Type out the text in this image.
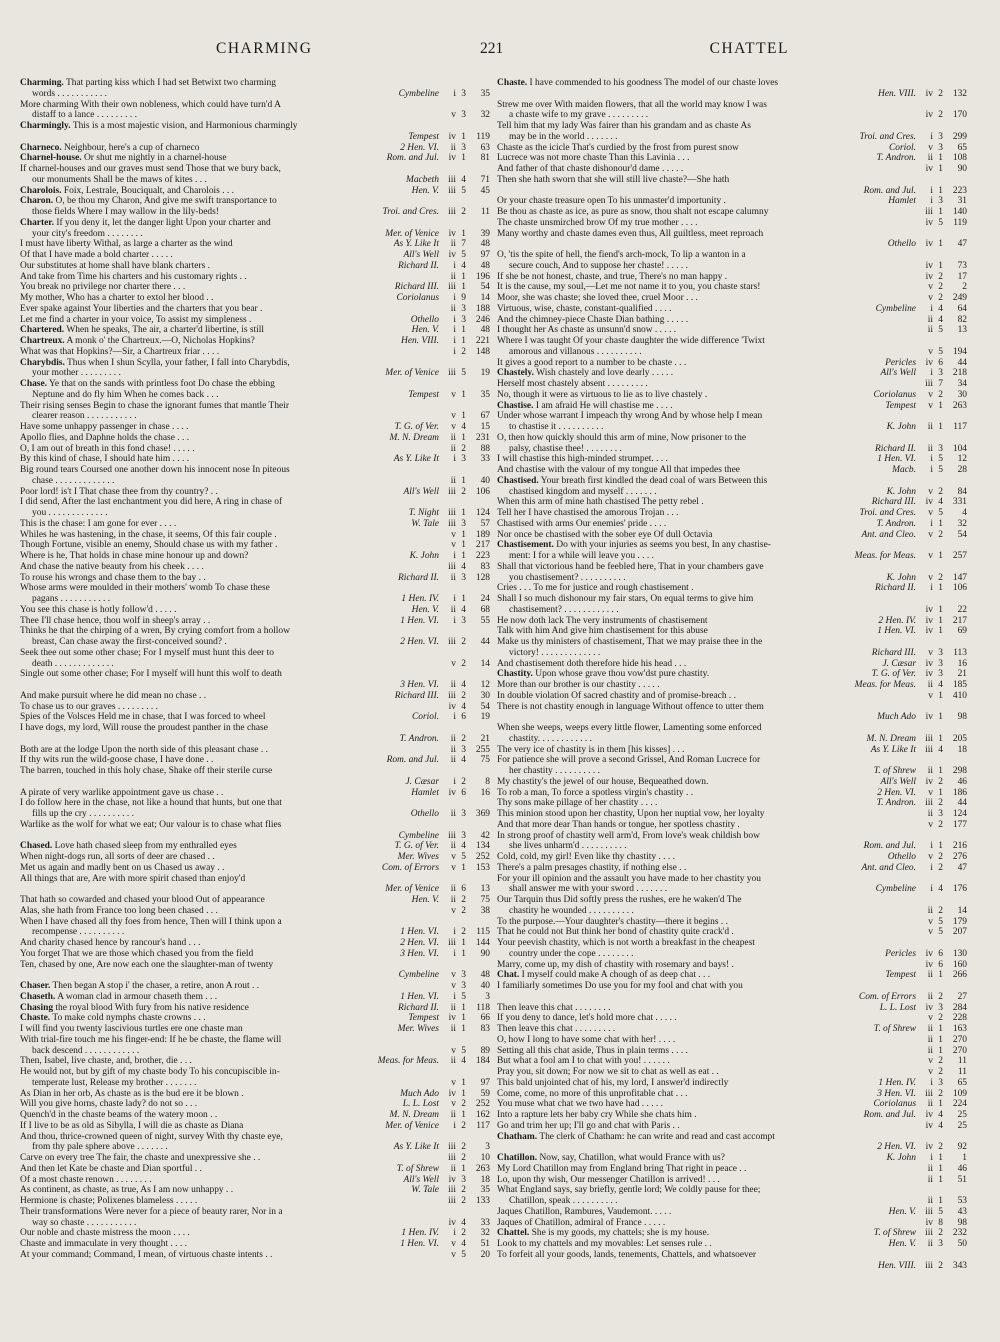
CHARMING	221	CHATTEL
Charming. That parting kiss which I had set Betwixt two charming
words . . . . . . . . . . .	Cymbeline i 3 35
More charming With their own nobleness, which could have turn'd A
distaff to a lance . . . . . . . . .	v 3 32
Charmingly. This is a most majestic vision, and Harmonious charmingly
Tempest iv 1 119
Charneco. Neighbour, here's a cup of charneco	2 Hen. VI. ii 3 63
Charnel-house. Or shut me nightly in a charnel-house	Rom. and Jul. iv 1 81
If charnel-houses and our graves must send Those that we bury back,
our monuments Shall be the maws of kites . . .	Macbeth iii 4 71
Charolois. Foix, Lestrale, Bouciqualt, and Charolois . . .	Hen. V. iii 5 45
Charon. O, be thou my Charon, And give me swift transportance to
those fields Where I may wallow in the lily-beds!	Troi. and Cres. iii 2 11
Charter. If you deny it, let the danger light Upon your charter and
your city's freedom . . . . . . . .	Mer. of Venice iv 1 39
I must have liberty Withal, as large a charter as the wind	As Y. Like It ii 7 48
Of that I have made a bold charter . . . . .	All's Well iv 5 97
Our substitutes at home shall have blank charters .	Richard II. i 4 48
And take from Time his charters and his customary rights . .	ii 1 196
You break no privilege nor charter there . . .	Richard III. iii 1 54
My mother, Who has a charter to extol her blood . .	Coriolanus i 9 14
Ever spake against Your liberties and the charters that you bear .	ii 3 188
Let me find a charter in your voice, To assist my simpleness .	Othello i 3 246
Chartered. When he speaks, The air, a charter'd libertine, is still	Hen. V. i 1 48
Chartreux. A monk o' the Chartreux.—O, Nicholas Hopkins?	Hen. VIII. i 1 221
What was that Hopkins?—Sir, a Chartreux friar . . . .	i 2 148
Charybdis. Thus when I shun Scylla, your father, I fall into Charybdis,
your mother . . . . . . . . .	Mer. of Venice iii 5 19
Chase. Ye that on the sands with printless foot Do chase the ebbing
Neptune and do fly him When he comes back . . .	Tempest v 1 35
Their rising senses Begin to chase the ignorant fumes that mantle Their
clearer reason . . . . . . . . . . .	v 1 67
Have some unhappy passenger in chase . . . .	T. G. of Ver. v 4 15
Apollo flies, and Daphne holds the chase . . .	M. N. Dream ii 1 231
O, I am out of breath in this fond chase! . . . . .	ii 2 88
By this kind of chase, I should hate him . . . .	As Y. Like It i 3 33
Big round tears Coursed one another down his innocent nose In piteous
chase . . . . . . . . . . . . .	ii 1 40
Poor lord! is't I That chase thee from thy country? . .	All's Well iii 2 106
I did send, After the last enchantment you did here, A ring in chase of
you . . . . . . . . . . . . .	T. Night iii 1 124
This is the chase: I am gone for ever . . . .	W. Tale iii 3 57
Whiles he was hastening, in the chase, it seems, Of this fair couple .	v 1 189
Though Fortune, visible an enemy, Should chase us with my father .	v 1 217
Where is he, That holds in chase mine honour up and down?	K. John i 1 223
And chase the native beauty from his cheek . . . .	iii 4 83
To rouse his wrongs and chase them to the bay . .	Richard II. ii 3 128
Whose arms were moulded in their mothers' womb To chase these
pagans . . . . . . . . . . .	1 Hen. IV. i 1 24
You see this chase is hotly follow'd . . . . .	Hen. V. ii 4 68
Thee I'll chase hence, thou wolf in sheep's array . .	1 Hen. VI. i 3 55
Thinks he that the chirping of a wren, By crying comfort from a hollow
breast, Can chase away the first-conceived sound? .	2 Hen. VI. iii 2 44
Seek thee out some other chase; For I myself must hunt this deer to
death . . . . . . . . . . . . .	v 2 14
Single out some other chase; For I myself will hunt this wolf to death
3 Hen. VI. ii 4 12
And make pursuit where he did mean no chase . .	Richard III. iii 2 30
To chase us to our graves . . . . . . . . .	iv 4 54
Spies of the Volsces Held me in chase, that I was forced to wheel	Coriol. i 6 19
I have dogs, my lord, Will rouse the proudest panther in the chase
T. Andron. ii 2 21
Both are at the lodge Upon the north side of this pleasant chase . .	ii 3 255
If thy wits run the wild-goose chase, I have done . .	Rom. and Jul. ii 4 75
The barren, touched in this holy chase, Shake off their sterile curse
J. Cæsar i 2 8
A pirate of very warlike appointment gave us chase . .	Hamlet iv 6 16
I do follow here in the chase, not like a hound that hunts, but one that
fills up the cry . . . . . . . . . .	Othello ii 3 369
Warlike as the wolf for what we eat; Our valour is to chase what flies
Cymbeline iii 3 42
Chased. Love hath chased sleep from my enthralled eyes	T. G. of Ver. ii 4 134
When night-dogs run, all sorts of deer are chased . .	Mer. Wives v 5 252
Met us again and madly bent on us Chased us away . .	Com. of Errors v 1 153
All things that are, Are with more spirit chased than enjoy'd
Mer. of Venice ii 6 13
That hath so cowarded and chased your blood Out of appearance	Hen. V. ii 2 75
Alas, she hath from France too long been chased . . .	v 2 38
When I have chased all thy foes from hence, Then will I think upon a
recompense . . . . . . . . . .	1 Hen. VI. i 2 115
And charity chased hence by rancour's hand . . .	2 Hen. VI. iii 1 144
You forget That we are those which chased you from the field	3 Hen. VI. i 1 90
Ten, chased by one, Are now each one the slaughter-man of twenty
Cymbeline v 3 48
Chaser. Then began A stop i' the chaser, a retire, anon A rout . .	v 3 40
Chaseth. A woman clad in armour chaseth them . . .	1 Hen. VI. i 5 3
Chasing the royal blood With fury from his native residence	Richard II. ii 1 118
Chaste. To make cold nymphs chaste crowns . . .	Tempest iv 1 66
I will find you twenty lascivious turtles ere one chaste man	Mer. Wives ii 1 83
With trial-fire touch me his finger-end: If he be chaste, the flame will
back descend . . . . . . . . . . . .	v 5 89
Then, Isabel, live chaste, and, brother, die . . .	Meas. for Meas. ii 4 184
He would not, but by gift of my chaste body To his concupiscible in-
temperate lust, Release my brother . . . . . . .	v 1 97
As Dian in her orb, As chaste as is the bud ere it be blown .	Much Ado iv 1 59
Will you give horns, chaste lady? do not so . . .	L. L. Lost v 2 252
Quench'd in the chaste beams of the watery moon . .	M. N. Dream ii 1 162
If I live to be as old as Sibylla, I will die as chaste as Diana	Mer. of Venice i 2 117
And thou, thrice-crowned queen of night, survey With thy chaste eye,
from thy pale sphere above . . . . . . .	As Y. Like It iii 2 3
Carve on every tree The fair, the chaste and unexpressive she . .	iii 2 10
And then let Kate be chaste and Dian sportful . .	T. of Shrew ii 1 263
Of a most chaste renown . . . . . . . .	All's Well iv 3 18
As continent, as chaste, as true, As I am now unhappy . .	W. Tale iii 2 35
Hermione is chaste; Polixenes blameless . . . . .	iii 2 133
Their transformations Were never for a piece of beauty rarer, Nor in a
way so chaste . . . . . . . . . . .	iv 4 33
Our noble and chaste mistress the moon . . . .	1 Hen. IV. i 2 32
Chaste and immaculate in very thought . . . .	1 Hen. VI. v 4 51
At your command; Command, I mean, of virtuous chaste intents . .	v 5 20
Chaste. I have commended to his goodness The model of our chaste loves
Hen. VIII. iv 2 132
Strew me over With maiden flowers, that all the world may know I was
a chaste wife to my grave . . . . . . . . .	iv 2 170
Tell him that my lady Was fairer than his grandam and as chaste As
may be in the world . . . . . . .	Troi. and Cres. i 3 299
Chaste as the icicle That's curdied by the frost from purest snow	Coriol. v 3 65
Lucrece was not more chaste Than this Lavinia . . .	T. Andron. ii 1 108
And father of that chaste dishonour'd dame . . . . .	iv 1 90
Then she hath sworn that she will still live chaste?—She hath
Rom. and Jul. i 1 223
Or your chaste treasure open To his unmaster'd importunity .	Hamlet i 3 31
Be thou as chaste as ice, as pure as snow, thou shalt not escape calumny	iii 1 140
The chaste unsmirched brow Of my true mother . . . .	iv 5 119
Many worthy and chaste dames even thus, All guiltless, meet reproach
Othello iv 1 47
O, 'tis the spite of hell, the fiend's arch-mock, To lip a wanton in a
secure couch, And to suppose her chaste! . . . . .	iv 1 73
If she be not honest, chaste, and true, There's no man happy .	iv 2 17
It is the cause, my soul,—Let me not name it to you, you chaste stars!	v 2 2
Moor, she was chaste; she loved thee, cruel Moor . . .	v 2 249
Virtuous, wise, chaste, constant-qualified . . . .	Cymbeline i 4 64
And the chimney-piece Chaste Dian bathing . . . . .	ii 4 82
I thought her As chaste as unsunn'd snow . . . . .	ii 5 13
Where I was taught Of your chaste daughter the wide difference 'Twixt
amorous and villanous . . . . . . . . . .	v 5 194
It gives a good report to a number to be chaste . . .	Pericles iv 6 44
Chastely. Wish chastely and love dearly . . . . .	All's Well i 3 218
Herself most chastely absent . . . . . . . . .	iii 7 34
No, though it were as virtuous to lie as to live chastely .	Coriolanus v 2 30
Chastise. I am afraid He will chastise me . . . .	Tempest v 1 263
Under whose warrant I impeach thy wrong And by whose help I mean
to chastise it . . . . . . . . . .	K. John ii 1 117
O, then how quickly should this arm of mine, Now prisoner to the
palsy, chastise thee! . . . . . . . .	Richard II. ii 3 104
I will chastise this high-minded strumpet. . . .	1 Hen. VI. i 5 12
And chastise with the valour of my tongue All that impedes thee	Macb. i 5 28
Chastised. Your breath first kindled the dead coal of wars Between this
chastised kingdom and myself . . . . . . .	K. John v 2 84
When this arm of mine hath chastised The petty rebel .	Richard III. iv 4 331
Tell her I have chastised the amorous Trojan . . .	Troi. and Cres. v 5 4
Chastised with arms Our enemies' pride . . . .	T. Andron. i 1 32
Nor once be chastised with the sober eye Of dull Octavia	Ant. and Cleo. v 2 54
Chastisement. Do with your injuries as seems you best, In any chastise-
ment: I for a while will leave you . . . .	Meas. for Meas. v 1 257
Shall that victorious hand be feebled here, That in your chambers gave
you chastisement? . . . . . . . . . .	K. John v 2 147
Cries . . . To me for justice and rough chastisement .	Richard II. i 1 106
Shall I so much dishonour my fair stars, On equal terms to give him
chastisement? . . . . . . . . . . . .	iv 1 22
He now doth lack The very instruments of chastisement	2 Hen. IV. iv 1 217
Talk with him And give him chastisement for this abuse	1 Hen. VI. iv 1 69
Make us thy ministers of chastisement, That we may praise thee in the
victory! . . . . . . . . . . . . .	Richard III. v 3 113
And chastisement doth therefore hide his head . . .	J. Cæsar iv 3 16
Chastity. Upon whose grave thou vow'dst pure chastity.	T. G. of Ver. iv 3 21
More than our brother is our chastity . . . . .	Meas. for Meas. ii 4 185
In double violation Of sacred chastity and of promise-breach . .	v 1 410
There is not chastity enough in language Without offence to utter them
Much Ado iv 1 98
When she weeps, weeps every little flower, Lamenting some enforced
chastity. . . . . . . . . . . .	M. N. Dream iii 1 205
The very ice of chastity is in them [his kisses] . . .	As Y. Like It iii 4 18
For patience she will prove a second Grissel, And Roman Lucrece for
her chastity . . . . . . . . . .	T. of Shrew ii 1 298
My chastity's the jewel of our house, Bequeathed down.	All's Well iv 2 46
To rob a man, To force a spotless virgin's chastity . .	2 Hen. VI. v 1 186
Thy sons make pillage of her chastity . . . .	T. Andron. iii 2 44
This minion stood upon her chastity, Upon her nuptial vow, her loyalty	ii 3 124
And that more dear Than hands or tongue, her spotless chastity .	v 2 177
In strong proof of chastity well arm'd, From love's weak childish bow
she lives unharm'd . . . . . . . . . .	Rom. and Jul. i 1 216
Cold, cold, my girl! Even like thy chastity . . . .	Othello v 2 276
There's a palm presages chastity, if nothing else . .	Ant. and Cleo. i 2 47
For your ill opinion and the assault you have made to her chastity you
shall answer me with your sword . . . . . . .	Cymbeline i 4 176
Our Tarquin thus Did softly press the rushes, ere he waken'd The
chastity he wounded . . . . . . . . . .	ii 2 14
To the purpose.—Your daughter's chastity—there it begins . .	v 5 179
That he could not But think her bond of chastity quite crack'd .	v 5 207
Your peevish chastity, which is not worth a breakfast in the cheapest
country under the cope . . . . . . . .	Pericles iv 6 130
Marry, come up, my dish of chastity with rosemary and bays! .	iv 6 160
Chat. I myself could make A chough of as deep chat . . .	Tempest ii 1 266
I familiarly sometimes Do use you for my fool and chat with you
Com. of Errors ii 2 27
Then leave this chat . . . . . . . .	L. L. Lost iv 3 284
If you deny to dance, let's hold more chat . . . . .	v 2 228
Then leave this chat . . . . . . . . .	T. of Shrew ii 1 163
O, how I long to have some chat with her! . . . .	ii 1 270
Setting all this chat aside, Thus in plain terms . . . .	ii 1 270
But what a fool am I to chat with you! . . . . . .	v 2 11
Pray you, sit down; For now we sit to chat as well as eat . .	v 2 11
This bald unjointed chat of his, my lord, I answer'd indirectly	1 Hen. IV. i 3 65
Come, come, no more of this unprofitable chat . . .	3 Hen. VI. iii 2 109
You muse what chat we two have had . . . . .	Coriolanus ii 1 224
Into a rapture lets her baby cry While she chats him .	Rom. and Jul. iv 4 25
Go and trim her up; I'll go and chat with Paris . .	iv 4 25
Chatham. The clerk of Chatham: he can write and read and cast accompt
2 Hen. VI. iv 2 92
Chatillon. Now, say, Chatillon, what would France with us?	K. John i 1 1
My Lord Chatillon may from England bring That right in peace . .	ii 1 46
Lo, upon thy wish, Our messenger Chatillon is arrived! . . .	ii 1 51
What England says, say briefly, gentle lord; We coldly pause for thee;
Chatillon, speak . . . . . . . . . .	ii 1 53
Jaques Chatillon, Rambures, Vaudemont. . . . .	Hen. V. iii 5 43
Jaques of Chatillon, admiral of France . . . . .	iv 8 98
Chattel. She is my goods, my chattels; she is my house.	T. of Shrew iii 2 232
Look to my chattels and my movables: Let senses rule . .	Hen. V. ii 3 50
To forfeit all your goods, lands, tenements, Chattels, and whatsoever
Hen. VIII. iii 2 343
